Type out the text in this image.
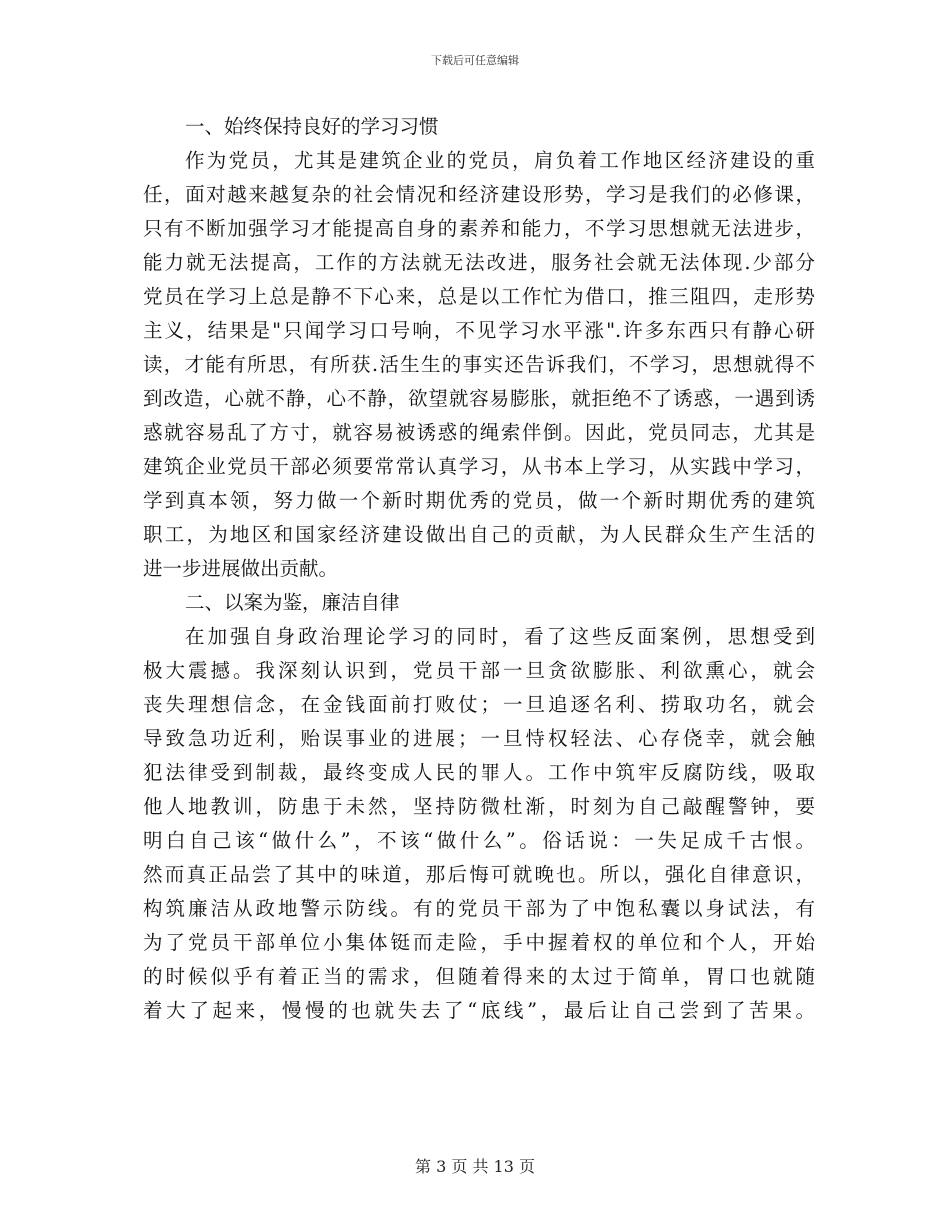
下载后可任意编辑
一、始终保持良好的学习习惯
作为党员，尤其是建筑企业的党员，肩负着工作地区经济建设的重
任，面对越来越复杂的社会情况和经济建设形势，学习是我们的必修课，
只有不断加强学习才能提高自身的素养和能力，不学习思想就无法进步，
能力就无法提高，工作的方法就无法改进，服务社会就无法体现.少部分
党员在学习上总是静不下心来，总是以工作忙为借口，推三阻四，走形势
主义，结果是"只闻学习口号响，不见学习水平涨".许多东西只有静心研
读，才能有所思，有所获.活生生的事实还告诉我们，不学习，思想就得不
到改造，心就不静，心不静，欲望就容易膨胀，就拒绝不了诱惑，一遇到诱
惑就容易乱了方寸，就容易被诱惑的绳索伴倒。因此，党员同志，尤其是
建筑企业党员干部必须要常常认真学习，从书本上学习，从实践中学习，
学到真本领，努力做一个新时期优秀的党员，做一个新时期优秀的建筑
职工，为地区和国家经济建设做出自己的贡献，为人民群众生产生活的
进一步进展做出贡献。
二、以案为鉴，廉洁自律
在加强自身政治理论学习的同时，看了这些反面案例，思想受到
极大震撼。我深刻认识到，党员干部一旦贪欲膨胀、利欲熏心，就会
丧失理想信念，在金钱面前打败仗；一旦追逐名利、捞取功名，就会
导致急功近利，贻误事业的进展；一旦恃权轻法、心存侥幸，就会触
犯法律受到制裁，最终变成人民的罪人。工作中筑牢反腐防线，吸取
他人地教训，防患于未然，坚持防微杜渐，时刻为自己敲醒警钟，要
明白自己该“做什么”，不该“做什么”。俗话说：一失足成千古恨。
然而真正品尝了其中的味道，那后悔可就晚也。所以，强化自律意识，
构筑廉洁从政地警示防线。有的党员干部为了中饱私囊以身试法，有
为了党员干部单位小集体铤而走险，手中握着权的单位和个人，开始
的时候似乎有着正当的需求，但随着得来的太过于简单，胃口也就随
着大了起来，慢慢的也就失去了“底线”，最后让自己尝到了苦果。
第 3 页 共 13 页
